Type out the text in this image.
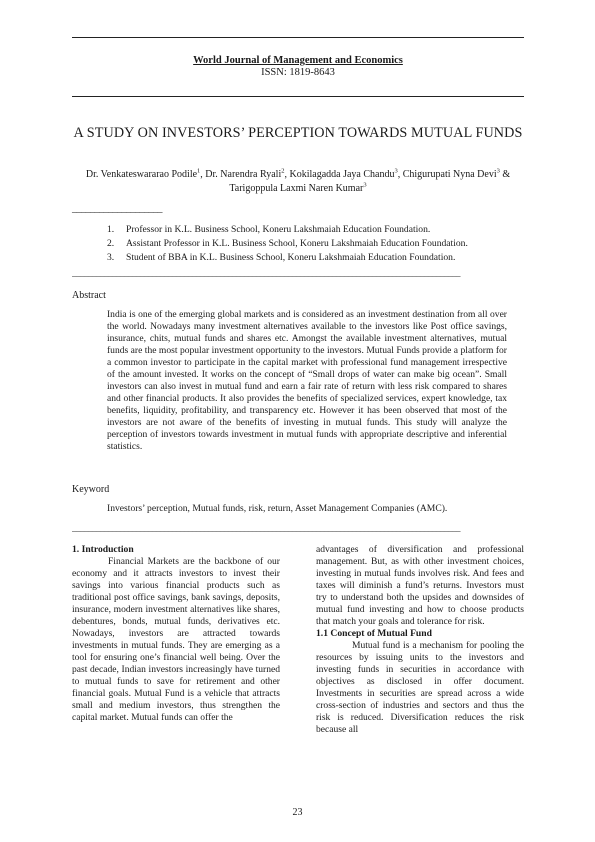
World Journal of Management and Economics
ISSN: 1819-8643
A STUDY ON INVESTORS’ PERCEPTION TOWARDS MUTUAL FUNDS
Dr. Venkateswararao Podile$^1$, Dr. Narendra Ryali$^2$, Kokilagadda Jaya Chandu$^3$, Chigurupati Nyna Devi$^3$ & Tarigoppula Laxmi Naren Kumar$^3$
____________________
1. Professor in K.L. Business School, Koneru Lakshmaiah Education Foundation.
2. Assistant Professor in K.L. Business School, Koneru Lakshmaiah Education Foundation.
3. Student of BBA in K.L. Business School, Koneru Lakshmaiah Education Foundation.
_________________________________________________________________________________________________
Abstract
India is one of the emerging global markets and is considered as an investment destination from all over the world. Nowadays many investment alternatives available to the investors like Post office savings, insurance, chits, mutual funds and shares etc. Amongst the available investment alternatives, mutual funds are the most popular investment opportunity to the investors. Mutual Funds provide a platform for a common investor to participate in the capital market with professional fund management irrespective of the amount invested. It works on the concept of “Small drops of water can make big ocean”. Small investors can also invest in mutual fund and earn a fair rate of return with less risk compared to shares and other financial products. It also provides the benefits of specialized services, expert knowledge, tax benefits, liquidity, profitability, and transparency etc. However it has been observed that most of the investors are not aware of the benefits of investing in mutual funds. This study will analyze the perception of investors towards investment in mutual funds with appropriate descriptive and inferential statistics.
Keyword
Investors’ perception, Mutual funds, risk, return, Asset Management Companies (AMC).
_________________________________________________________________________________________________
1. Introduction

Financial Markets are the backbone of our economy and it attracts investors to invest their savings into various financial products such as traditional post office savings, bank savings, deposits, insurance, modern investment alternatives like shares, debentures, bonds, mutual funds, derivatives etc. Nowadays, investors are attracted towards investments in mutual funds. They are emerging as a tool for ensuring one’s financial well being. Over the past decade, Indian investors increasingly have turned to mutual funds to save for retirement and other financial goals. Mutual Fund is a vehicle that attracts small and medium investors, thus strengthen the capital market. Mutual funds can offer the

advantages of diversification and professional management. But, as with other investment choices, investing in mutual funds involves risk. And fees and taxes will diminish a fund’s returns. Investors must try to understand both the upsides and downsides of mutual fund investing and how to choose products that match your goals and tolerance for risk.

1.1 Concept of Mutual Fund

Mutual fund is a mechanism for pooling the resources by issuing units to the investors and investing funds in securities in accordance with objectives as disclosed in offer document. Investments in securities are spread across a wide cross-section of industries and sectors and thus the risk is reduced. Diversification reduces the risk because all

23
